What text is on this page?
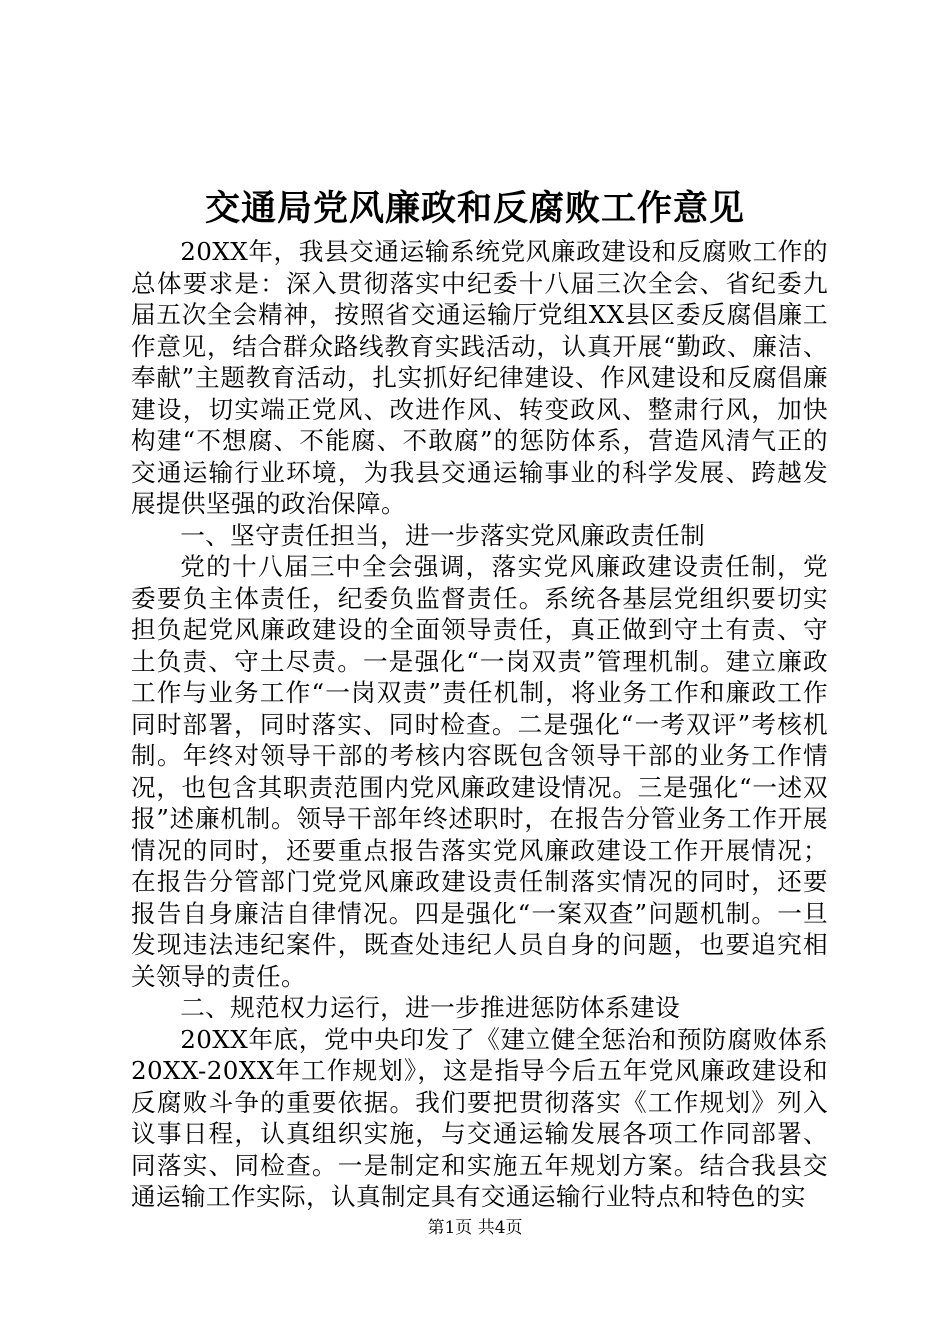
交通局党风廉政和反腐败工作意见

20XX年，我县交通运输系统党风廉政建设和反腐败工作的总体要求是：深入贯彻落实中纪委十八届三次全会、省纪委九届五次全会精神，按照省交通运输厅党组XX县区委反腐倡廉工作意见，结合群众路线教育实践活动，认真开展“勤政、廉洁、奉献”主题教育活动，扎实抓好纪律建设、作风建设和反腐倡廉建设，切实端正党风、改进作风、转变政风、整肃行风，加快构建“不想腐、不能腐、不敢腐”的惩防体系，营造风清气正的交通运输行业环境，为我县交通运输事业的科学发展、跨越发展提供坚强的政治保障。

一、坚守责任担当，进一步落实党风廉政责任制

党的十八届三中全会强调，落实党风廉政建设责任制，党委要负主体责任，纪委负监督责任。系统各基层党组织要切实担负起党风廉政建设的全面领导责任，真正做到守土有责、守土负责、守土尽责。一是强化“一岗双责”管理机制。建立廉政工作与业务工作“一岗双责”责任机制，将业务工作和廉政工作同时部署，同时落实、同时检查。二是强化“一考双评”考核机制。年终对领导干部的考核内容既包含领导干部的业务工作情况，也包含其职责范围内党风廉政建设情况。三是强化“一述双报”述廉机制。领导干部年终述职时，在报告分管业务工作开展情况的同时，还要重点报告落实党风廉政建设工作开展情况；在报告分管部门党党风廉政建设责任制落实情况的同时，还要报告自身廉洁自律情况。四是强化“一案双查”问题机制。一旦发现违法违纪案件，既查处违纪人员自身的问题，也要追究相关领导的责任。

二、规范权力运行，进一步推进惩防体系建设

20XX年底，党中央印发了《建立健全惩治和预防腐败体系20XX-20XX年工作规划》，这是指导今后五年党风廉政建设和反腐败斗争的重要依据。我们要把贯彻落实《工作规划》列入议事日程，认真组织实施，与交通运输发展各项工作同部署、同落实、同检查。一是制定和实施五年规划方案。结合我县交通运输工作实际，认真制定具有交通运输行业特点和特色的实

第1页 共4页
